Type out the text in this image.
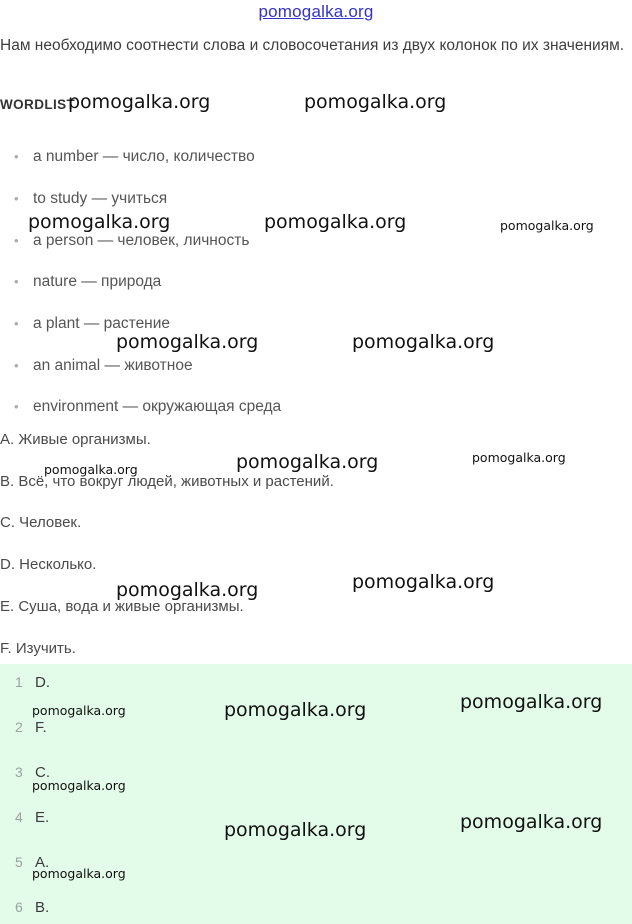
pomogalka.org
Нам необходимо соотнести слова и словосочетания из двух колонок по их значениям.
WORDLIST
• a number — число, количество
• to study — учиться
• a person — человек, личность
• nature — природа
• a plant — растение
• an animal — животное
• environment — окружающая среда
A. Живые организмы.
B. Всё, что вокруг людей, животных и растений.
C. Человек.
D. Несколько.
E. Суша, вода и живые организмы.
F. Изучить.
1 D.
2 F.
3 C.
4 E.
5 A.
6 B.
pomogalka.org	pomogalka.org
pomogalka.org	pomogalka.org	pomogalka.org
pomogalka.org	pomogalka.org
pomogalka.org	pomogalka.org	pomogalka.org
pomogalka.org	pomogalka.org
pomogalka.org
pomogalka.org	pomogalka.org
pomogalka.org
pomogalka.org	pomogalka.org
pomogalka.org
